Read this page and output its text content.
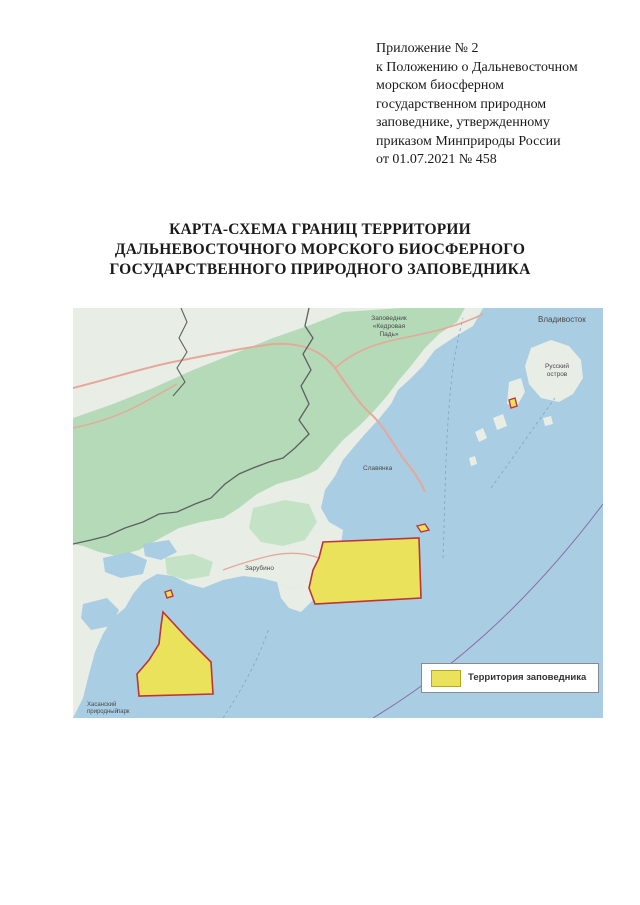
Приложение № 2
к Положению о Дальневосточном
морском биосферном
государственном природном
заповеднике, утвержденному
приказом Минприроды России
от 01.07.2021 № 458
КАРТА-СХЕМА ГРАНИЦ ТЕРРИТОРИИ
ДАЛЬНЕВОСТОЧНОГО МОРСКОГО БИОСФЕРНОГО
ГОСУДАРСТВЕННОГО ПРИРОДНОГО ЗАПОВЕДНИКА
Владивосток
Заповедник
«Кедровая
Падь»
Русский
остров
Славянка
Зарубино
Хасанский
природный парк
Территория заповедника
